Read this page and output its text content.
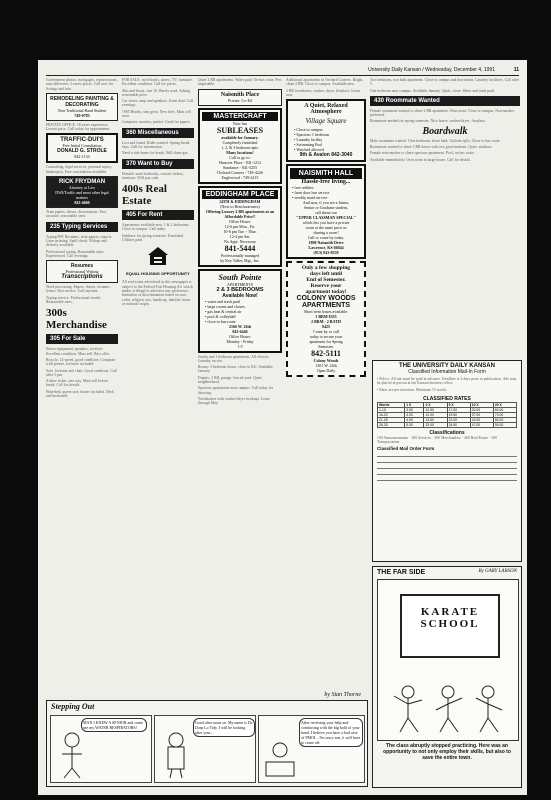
University Daily Kansan / Wednesday, December 4, 1991	11

Government photos, mortgages, repossessions, auto deliveries. Lowest prices. Call now for listings and info.

REMODELING PAINTING & DECORATING
Non-Traditional Band Student
749-0783

PRIVATE OFFICE. 18 years experience. Lowest price. Call today for appointment.

TRAFFIC-DUI'S
Free Initial Consultation
DONALD G. STROLE
842-1133

Counseling, legal services, personal injury, bankruptcy. Free consultation available.

RICK FRYDMAN
Attorney at Law
DWI/Traffic and most other legal matters
843-4660

Term papers, theses, dissertations. Fast, accurate, reasonable rates.

235 Typing Services

Typing/WP. Resumes, term papers, reports. Laser printing. Spell check. Pickup and delivery available.

Professional typing. Reasonable rates. Experienced. Call evenings.

Resumes
Professional Writing
Transcriptions

Word processing. Papers, theses, resumes, letters. Fast service. Call anytime.

Typing service. Professional results. Reasonable rates.

300s Merchandise
305 For Sale

Stereo equipment, speakers, receiver. Excellent condition. Must sell. Best offer.

Bicycle, 12-speed, good condition. Computer with printer, software included.

Sofa, loveseat and chair. Good condition. Call after 5 pm.

Airline ticket, one way. Must sell before break. Call for details.

Waterbed, queen size, heater included. Desk and bookshelf.

FOR SALE: used books, stereo, TV, furniture. Excellent condition. Call for prices.

Skis and boots, size 10. Barely used. Asking reasonable price.

Car stereo, amp and speakers. Great deal. Call evenings.

1985 Honda, runs great. New tires. Must sell soon.

Computer, monitor, printer. Good for papers.

360 Miscellaneous

Lost and found. Rides wanted. Spring break trips. Call for information.

Need a ride home for break. Will share gas.

370 Want to Buy

Wanted: used textbooks, concert tickets, furniture. Will pay cash.

400s Real Estate
405 For Rent

Apartments available now. 1 & 2 bedrooms. Close to campus. Call today.

Sublease for spring semester. Furnished. Utilities paid.

EQUAL HOUSING OPPORTUNITY

All real estate advertised in this newspaper is subject to the Federal Fair Housing Act which makes it illegal to advertise any preference, limitation or discrimination based on race, color, religion, sex, handicap, familial status or national origin.

Quiet 2 BR apartments. Water paid. On bus route. Pets negotiable.

Naismith Place
Private. Co-Ed
MASTERCRAFT
Now has
SUBLEASES
available for January.
Completely furnished
1, 2, & 3 bedroom apts.
Many locations!
Call or go to:
Hanover Place - 841-1212
Sundance - 841-5255
Orchard Corners - 749-4226
Englewood - 749-2415
EDDINGHAM PLACE
24TH & EDDINGHAM
(Next to Benchwarmers)
Offering Luxury 2 BR apartments at an Affordable Price!!
Office Hours:
12-6 pm Mon., Fri.
10-6 pm Tue. - Thur.
12-4 pm Sat.
No Appt. Necessary
841-5444
Professionally managed
by Key Valley Mgt., Inc.
South Pointe
APARTMENTS
2 & 3 BEDROOMS
Available Now!
• water and trash paid
• large rooms and closets
• gas heat & central air
• pool & volleyball
• close to bus route
2166 W. 26th
843-6446
Office Hours:
Monday - Friday
1-5

Studio and 1 bedroom apartments. All electric. Laundry on site.

Roomy 3 bedroom house, close to KU. Available January.

Duplex, 2 BR, garage, fenced yard. Quiet neighborhood.

Spacious apartments near campus. Call today for showing.

Townhomes with washer/dryer hookups. Lease through May.

Additional apartments in Orchard Corners. Bright, clean 2 BR. Close to campus. Available now.

2 BR townhouse, washer, dryer, fireplace. Lease now.

A Quiet, Relaxed Atmosphere
Village Square
• Close to campus
• Spacious 1 bedroom
• Laundry facility
• Swimming Pool
• Watched allowed
9th & Avalon 842-3040
NAISMITH HALL
Hassle-free living...
• free utilities
• front door bus service
• weekly maid service
And now, if you are a Junior,
Senior or Graduate student,
call about our
"UPPER CLASSMAN SPECIAL"
which lets you have a private
room at the same price as
sharing a room!
Call or come by today.
1800 Naismith Drive
Lawrence, KS 66044
(913) 843-8559
Only a few shopping
days left until
End of Semester.
Reserve your
apartment today!
COLONY WOODS APARTMENTS
Short term leases available.
1 BRM $355
2 BRM - 2 BATH
$425
Come by or call
today to secure your
apartment for Spring
Semester.
842-5111
Colony Woods
1301 W. 24th
Open Daily

Two bedroom, two bath apartment. Close to campus and downtown. Laundry facilities. Call after 5.

One bedroom near campus. Available January. Quiet, clean. Water and trash paid.

430 Roommate Wanted

Female roommate wanted to share 2 BR apartment. Own room. Close to campus. Non-smoker preferred.

Roommate needed for spring semester. Nice house, washer/dryer, fireplace.

Boardwalk

Male roommate wanted. Own bedroom, share bath. Utilities split. Close to bus route.

Roommate wanted to share 3 BR house with two grad students. Quiet, studious.

Female non-smoker to share spacious apartment. Pool, on bus route.

Available immediately. Own room in large house. Call for details.

THE UNIVERSITY DAILY KANSAN
Classified Information Mail-In Form

• Policy: All ads must be paid in advance. Deadline is 2 days prior to publication. Ads may be placed in person at the Kansan business office.

• Rates are per insertion. Minimum 15 words.

CLASSIFIED RATES
Words	1 X	3 X	5 X	10 X	20 X
1-15	3.50	10.50	17.00	32.00	60.00
16-20	4.00	12.00	19.50	37.00	70.00
21-25	4.50	13.50	22.00	42.00	80.00
26-30	5.00	15.00	24.50	47.00	90.00
Classifications

100 Announcements · 200 Services · 300 Merchandise · 400 Real Estate · 500 Transportation

Classified Mail Order Form
Stepping Out
by Stan Thorne
MAN I KNEW A SENIOR and come see my WATER RESPIRATORS!
Good after noon sir. My name is Dr. Dorp Lo Tidy. I will be looking after your...
After receiving your help and comforting with the big hold of your hand, I believe you have a bad case of PMOI... I'm sorry son, it will have to come off.
THE FAR SIDE	By GARY LARSON
KARATE SCHOOL
The class abruptly stopped practicing. Here was an opportunity to not only employ their skills, but also to save the entire town.
